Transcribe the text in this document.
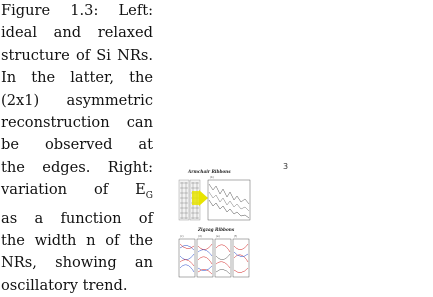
Figure 1.3: Left:
ideal and relaxed
structure of Si NRs.
In the latter, the
(2x1) asymmetric
reconstruction can
be observed at
the edges. Right:
variation of $E_G$
as a function of
the width n of the
NRs, showing an
oscillatory trend.
3
Armchair Ribbons
(b)
Zigzag Ribbons
(c)	(d)	(e)	(f)
